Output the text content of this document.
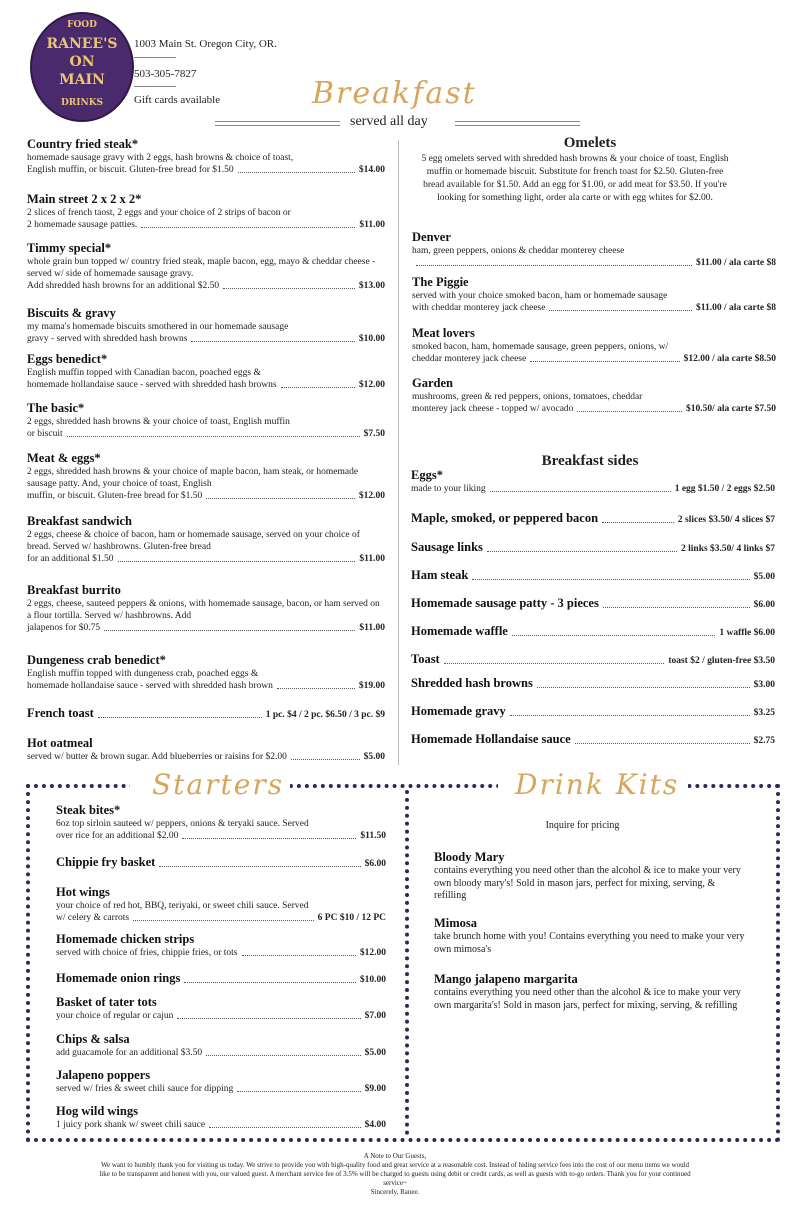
FOOD
RANEE'S
ON
MAIN
DRINKS
1003 Main St. Oregon City, OR.
503-305-7827
Gift cards available	Breakfast
served all day
Country fried steak*
homemade sausage gravy with 2 eggs, hash browns & choice of toast,
English muffin, or biscuit. Gluten-free bread for $1.50	$14.00
Main street 2 x 2 x 2*
2 slices of french taost, 2 eggs and your choice of 2 strips of bacon or
2 homemade sausage patties.	$11.00
Timmy special*
whole grain bun topped w/ country fried steak, maple bacon, egg, mayo & cheddar cheese - served w/ side of homemade sausage gravy.
Add shredded hash browns for an additional $2.50	$13.00
Biscuits & gravy
my mama's homemade biscuits smothered in our homemade sausage
gravy - served with shredded hash browns	$10.00
Eggs benedict*
English muffin topped with Canadian bacon, poached eggs &
homemade hollandaise sauce - served with shredded hash browns	$12.00
The basic*
2 eggs, shredded hash browns & your choice of toast, English muffin
or biscuit	$7.50
Meat & eggs*
2 eggs, shredded hash browns & your choice of maple bacon, ham steak, or homemade sausage patty. And, your choice of toast, English
muffin, or biscuit. Gluten-free bread for $1.50	$12.00
Breakfast sandwich
2 eggs, cheese & choice of bacon, ham or homemade sausage, served on your choice of bread. Served w/ hashbrowns. Gluten-free bread
for an additional $1.50	$11.00
Breakfast burrito
2 eggs, cheese, sauteed peppers & onions, with homemade sausage, bacon, or ham served on a flour tortilla. Served w/ hashbrowns. Add
jalapenos for $0.75	$11.00
Dungeness crab benedict*
English muffin topped with dungeness crab, poached eggs &
homemade hollandaise sauce - served with shredded hash brown	$19.00
French toast	1 pc. $4 / 2 pc. $6.50 / 3 pc. $9
Hot oatmeal
served w/ butter & brown sugar. Add blueberries or raisins for $2.00	$5.00
Omelets
5 egg omelets served with shredded hash browns & your choice of toast, English muffin or homemade biscuit. Substitute for french toast for $2.50. Gluten-free bread available for $1.50. Add an egg for $1.00, or add meat for $3.50. If you're looking for something light, order ala carte or with egg whites for $2.00.
Denver
ham, green peppers, onions & cheddar monterey cheese
$11.00 / ala carte $8
The Piggie
served with your choice smoked bacon, ham or homemade sausage
with cheddar monterey jack cheese	$11.00 / ala carte $8
Meat lovers
smoked bacon, ham, homemade sausage, green peppers, onions, w/
cheddar monterey jack cheese	$12.00 / ala carte $8.50
Garden
mushrooms, green & red peppers, onions, tomatoes, cheddar
monterey jack cheese - topped w/ avocado	$10.50/ ala carte $7.50
Breakfast sides
Eggs*
made to your liking	1 egg $1.50 / 2 eggs $2.50
Maple, smoked, or peppered bacon	2 slices $3.50/ 4 slices $7
Sausage links	2 links $3.50/ 4 links $7
Ham steak	$5.00
Homemade sausage patty - 3 pieces	$6.00
Homemade waffle	1 waffle $6.00
Toast	toast $2 / gluten-free $3.50
Shredded hash browns	$3.00
Homemade gravy	$3.25
Homemade Hollandaise sauce	$2.75
Starters	Drink Kits
Steak bites*
6oz top sirloin sauteed w/ peppers, onions & teryaki sauce. Served
over rice for an additional $2.00	$11.50
Chippie fry basket	$6.00
Hot wings
your choice of red hot, BBQ, teriyaki, or sweet chili sauce. Served
w/ celery & carrots	6 PC $10 / 12 PC
Homemade chicken strips
served with choice of fries, chippie fries, or tots	$12.00
Homemade onion rings	$10.00
Basket of tater tots
your choice of regular or cajun	$7.00
Chips & salsa
add guacamole for an additional $3.50	$5.00
Jalapeno poppers
served w/ fries & sweet chili sauce for dipping	$9.00
Hog wild wings
1 juicy pork shank w/ sweet chili sauce	$4.00
Inquire for pricing
Bloody Mary
contains everything you need other than the alcohol & ice to make your very own bloody mary's! Sold in mason jars, perfect for mixing, serving, & refilling
Mimosa
take brunch home with you! Contains everything you need to make your very own mimosa's
Mango jalapeno margarita
contains everything you need other than the alcohol & ice to make your very own margarita's! Sold in mason jars, perfect for mixing, serving, & refilling
A Note to Our Guests,
We want to humbly thank you for visiting us today. We strive to provide you with high-quality food and great service at a reasonable cost. Instead of hiding service fees into the cost of our menu items we would like to be transparent and honest with you, our valued guest. A merchant service fee of 3.5% will be charged to guests using debit or credit cards, as well as guests with to-go orders. Thank you for your continued service~
Sincerely, Ranee.
